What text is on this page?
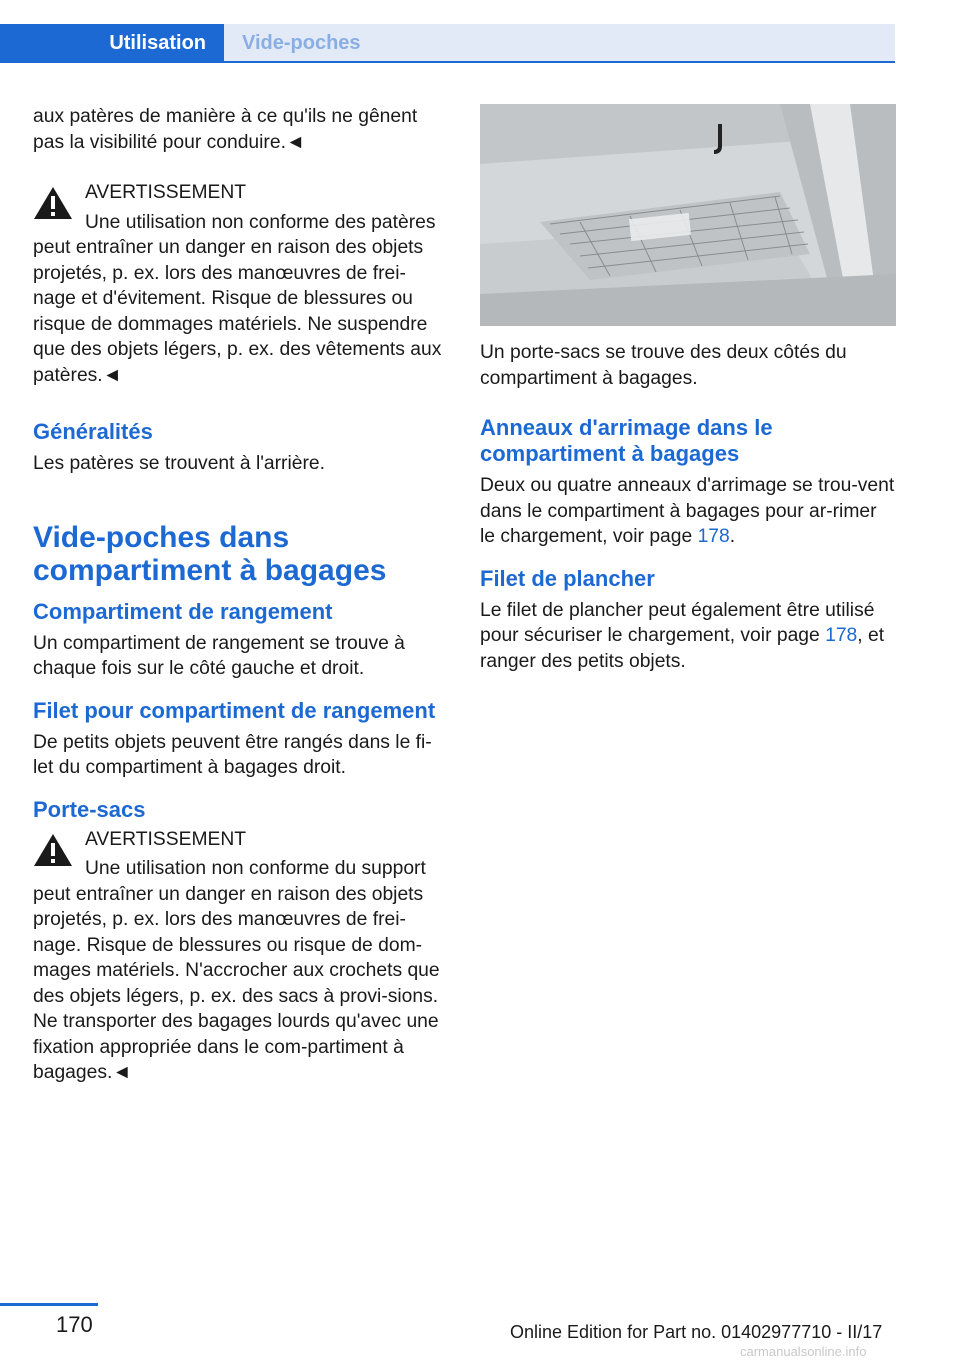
Utilisation Vide-poches

aux patères de manière à ce qu'ils ne gênent pas la visibilité pour conduire.◄

AVERTISSEMENT
Une utilisation non conforme des patères

peut entraîner un danger en raison des objets projetés, p. ex. lors des manœuvres de frei-nage et d'évitement. Risque de blessures ou risque de dommages matériels. Ne suspendre que des objets légers, p. ex. des vêtements aux patères.◄

Généralités

Les patères se trouvent à l'arrière.

Vide-poches dans compartiment à bagages
Compartiment de rangement

Un compartiment de rangement se trouve à chaque fois sur le côté gauche et droit.

Filet pour compartiment de rangement

De petits objets peuvent être rangés dans le fi-let du compartiment à bagages droit.

Porte-sacs
AVERTISSEMENT
Une utilisation non conforme du support

peut entraîner un danger en raison des objets projetés, p. ex. lors des manœuvres de frei-nage. Risque de blessures ou risque de dom-mages matériels. N'accrocher aux crochets que des objets légers, p. ex. des sacs à provi-sions. Ne transporter des bagages lourds qu'avec une fixation appropriée dans le com-partiment à bagages.◄

Un porte-sacs se trouve des deux côtés du compartiment à bagages.

Anneaux d'arrimage dans le compartiment à bagages

Deux ou quatre anneaux d'arrimage se trou-vent dans le compartiment à bagages pour ar-rimer le chargement, voir page 178.

Filet de plancher

Le filet de plancher peut également être utilisé pour sécuriser le chargement, voir page 178, et ranger des petits objets.

170	Online Edition for Part no. 01402977710 - II/17
carmanualsonline.info
